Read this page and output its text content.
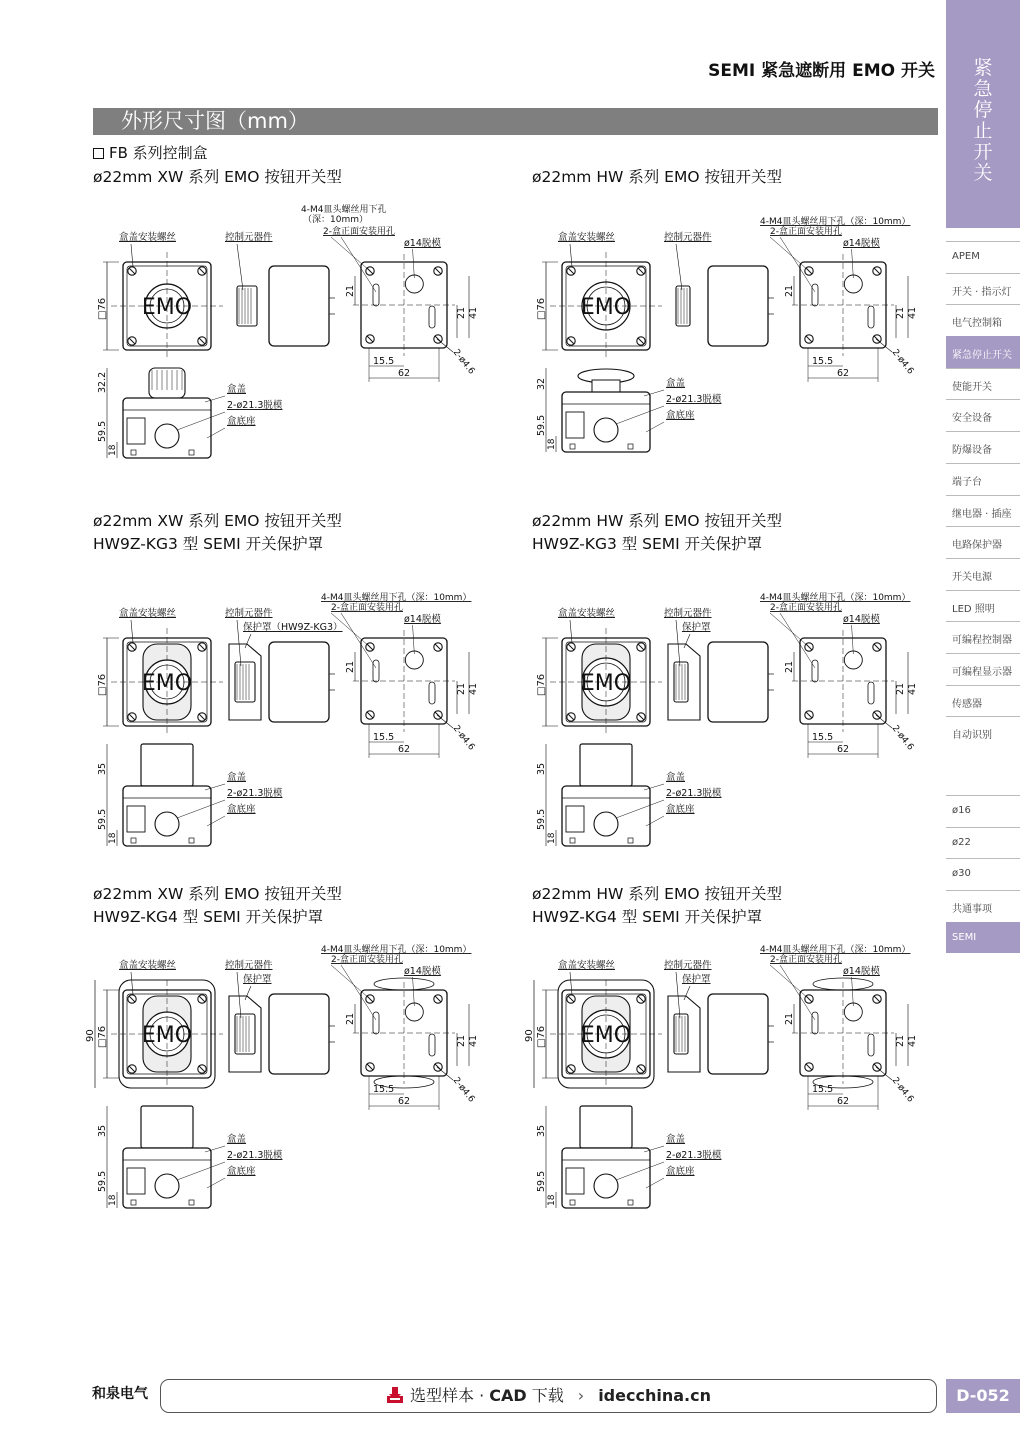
SEMI 紧急遮断用 EMO 开关	紧
急
停
止
开
关
APEM
开关 · 指示灯
电气控制箱
紧急停止开关
使能开关
安全设备
防爆设备
端子台
继电器 · 插座
电路保护器
开关电源
LED 照明
可编程控制器
可编程显示器
传感器
自动识别
ø16
ø22
ø30
共通事项
SEMI
外形尺寸图（mm）
FB 系列控制盒
ø22mm XW 系列 EMO 按钮开关型
EMO
□76
盒盖安装螺丝	控制元器件
21
21 41
15.5
62	2-ø4.6
4-M4皿头螺丝用下孔
（深：10mm）
2-盒正面安装用孔
ø14脱模
32.2
59.5
18
盒盖
2-ø21.3脱模
盒底座
ø22mm HW 系列 EMO 按钮开关型
EMO
□76
盒盖安装螺丝	控制元器件
21
21 41
15.5
62	2-ø4.6
4-M4皿头螺丝用下孔（深：10mm）
2-盒正面安装用孔
ø14脱模
32
59.5
18
盒盖
2-ø21.3脱模
盒底座
ø22mm XW 系列 EMO 按钮开关型
HW9Z-KG3 型 SEMI 开关保护罩
EMO
□76
盒盖安装螺丝	控制元器件
保护罩（HW9Z-KG3）
21
21 41
15.5
62	2-ø4.6
4-M4皿头螺丝用下孔（深：10mm）
2-盒正面安装用孔
ø14脱模
35
59.5
18
盒盖
2-ø21.3脱模
盒底座
ø22mm HW 系列 EMO 按钮开关型
HW9Z-KG3 型 SEMI 开关保护罩
EMO
□76
盒盖安装螺丝	控制元器件
保护罩
21
21 41
15.5
62	2-ø4.6
4-M4皿头螺丝用下孔（深：10mm）
2-盒正面安装用孔
ø14脱模
35
59.5
18
盒盖
2-ø21.3脱模
盒底座
ø22mm XW 系列 EMO 按钮开关型
HW9Z-KG4 型 SEMI 开关保护罩
EMO
□76
90
盒盖安装螺丝	控制元器件
保护罩
21
21 41
15.5
62	2-ø4.6
4-M4皿头螺丝用下孔（深：10mm）
2-盒正面安装用孔
ø14脱模
35
59.5
18
盒盖
2-ø21.3脱模
盒底座
ø22mm HW 系列 EMO 按钮开关型
HW9Z-KG4 型 SEMI 开关保护罩
EMO
□76
90
盒盖安装螺丝	控制元器件
保护罩
21
21 41
15.5
62	2-ø4.6
4-M4皿头螺丝用下孔（深：10mm）
2-盒正面安装用孔
ø14脱模
35
59.5
18
盒盖
2-ø21.3脱模
盒底座
和泉电气	选型样本 · CAD 下载 › idecchina.cn	D-052
